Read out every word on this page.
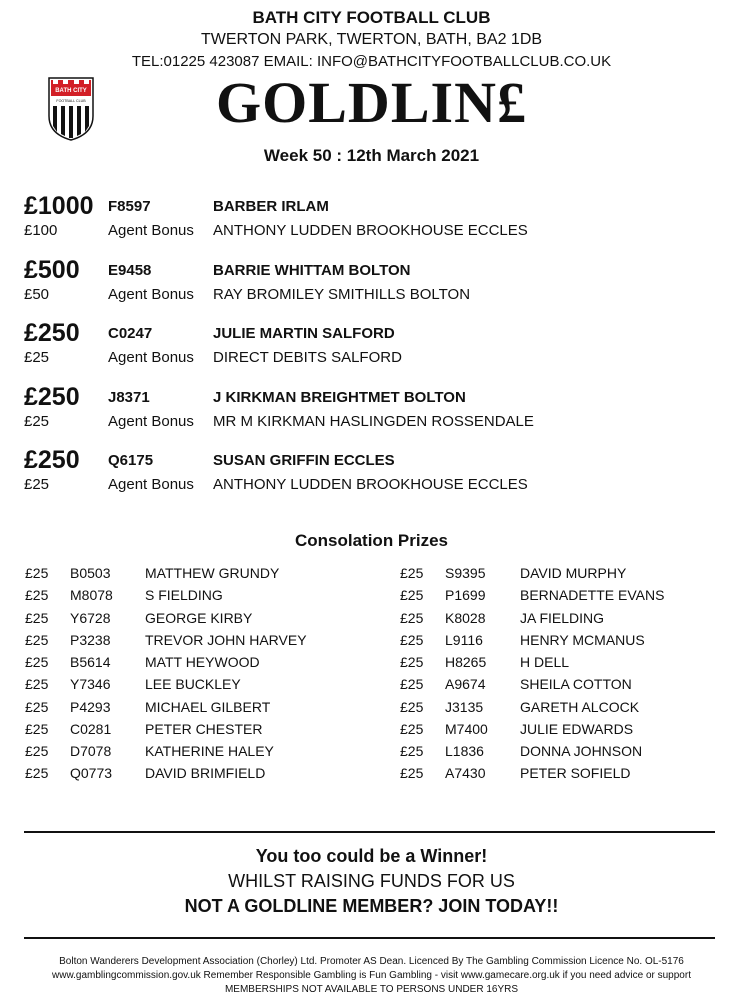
BATH CITY FOOTBALL CLUB
TWERTON PARK, TWERTON, BATH, BA2 1DB
TEL:01225 423087 EMAIL: INFO@BATHCITYFOOTBALLCLUB.CO.UK
BATH CITY
FOOTBALL CLUB	GOLDLIN£
Week 50 : 12th March 2021
£1000 F8597	BARBER IRLAM
£100	Agent Bonus ANTHONY LUDDEN BROOKHOUSE ECCLES
£500 E9458	BARRIE WHITTAM BOLTON
£50	Agent Bonus RAY BROMILEY SMITHILLS BOLTON
£250 C0247	JULIE MARTIN SALFORD
£25	Agent Bonus DIRECT DEBITS SALFORD
£250 J8371	J KIRKMAN BREIGHTMET BOLTON
£25	Agent Bonus MR M KIRKMAN HASLINGDEN ROSSENDALE
£250 Q6175	SUSAN GRIFFIN ECCLES
£25	Agent Bonus ANTHONY LUDDEN BROOKHOUSE ECCLES
Consolation Prizes
£25 B0503 MATTHEW GRUNDY
£25 M8078 S FIELDING
£25 Y6728 GEORGE KIRBY
£25 P3238 TREVOR JOHN HARVEY
£25 B5614 MATT HEYWOOD
£25 Y7346 LEE BUCKLEY
£25 P4293 MICHAEL GILBERT
£25 C0281 PETER CHESTER
£25 D7078 KATHERINE HALEY
£25 Q0773 DAVID BRIMFIELD
£25 S9395 DAVID MURPHY
£25 P1699 BERNADETTE EVANS
£25 K8028 JA FIELDING
£25 L9116	HENRY MCMANUS
£25 H8265 H DELL
£25 A9674 SHEILA COTTON
£25 J3135	GARETH ALCOCK
£25 M7400 JULIE EDWARDS
£25 L1836	DONNA JOHNSON
£25 A7430 PETER SOFIELD
You too could be a Winner!
WHILST RAISING FUNDS FOR US
NOT A GOLDLINE MEMBER? JOIN TODAY!!
Bolton Wanderers Development Association (Chorley) Ltd. Promoter AS Dean. Licenced By The Gambling Commission Licence No. OL-5176
www.gamblingcommission.gov.uk Remember Responsible Gambling is Fun Gambling - visit www.gamecare.org.uk if you need advice or support
MEMBERSHIPS NOT AVAILABLE TO PERSONS UNDER 16YRS
